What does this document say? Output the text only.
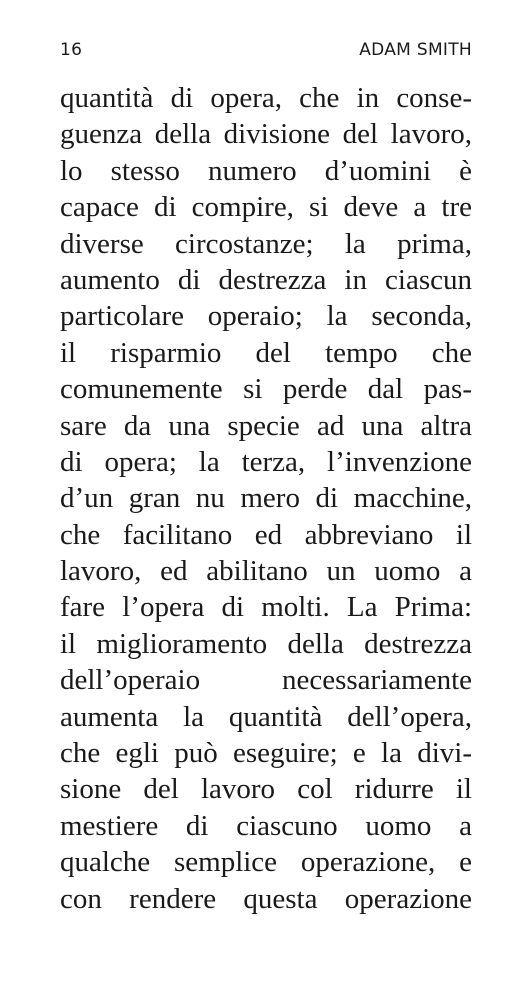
16	ADAM SMITH
quantità di opera, che in conse-
guenza della divisione del lavoro,
lo stesso numero d’uomini è
capace di compire, si deve a tre
diverse circostanze; la prima,
aumento di destrezza in ciascun
particolare operaio; la seconda,
il risparmio del tempo che
comunemente si perde dal pas-
sare da una specie ad una altra
di opera; la terza, l’invenzione
d’un gran nu mero di macchine,
che facilitano ed abbreviano il
lavoro, ed abilitano un uomo a
fare l’opera di molti. La Prima:
il miglioramento della destrezza
dell’operaio necessariamente
aumenta la quantità dell’opera,
che egli può eseguire; e la divi-
sione del lavoro col ridurre il
mestiere di ciascuno uomo a
qualche semplice operazione, e
con rendere questa operazione
